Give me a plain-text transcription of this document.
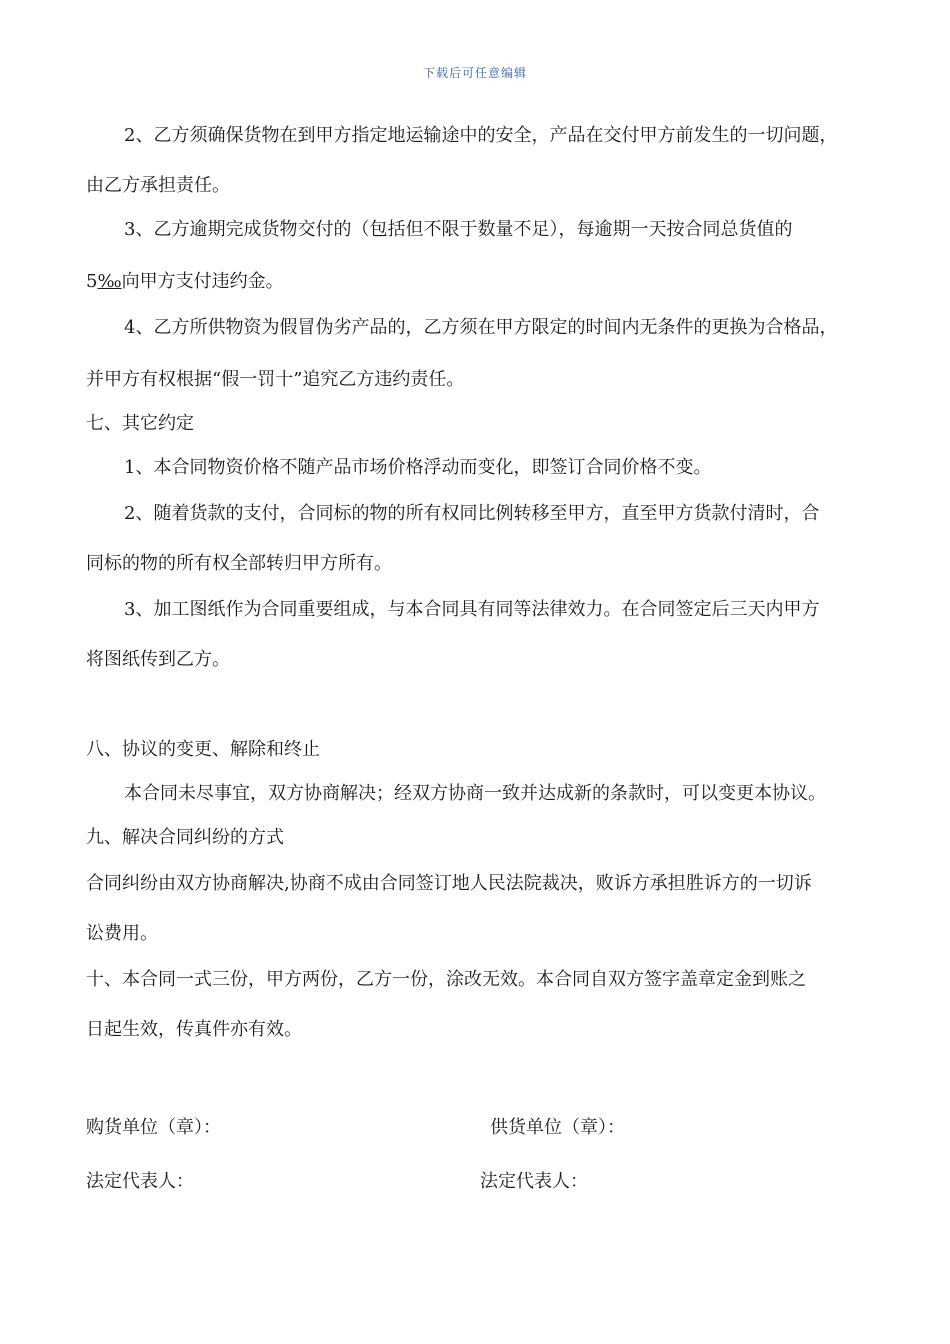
下载后可任意编辑
2、乙方须确保货物在到甲方指定地运输途中的安全，产品在交付甲方前发生的一切问题，
由乙方承担责任。
3、乙方逾期完成货物交付的（包括但不限于数量不足），每逾期一天按合同总货值的
5‰向甲方支付违约金。
4、乙方所供物资为假冒伪劣产品的，乙方须在甲方限定的时间内无条件的更换为合格品，
并甲方有权根据“假一罚十”追究乙方违约责任。
七、其它约定
1、本合同物资价格不随产品市场价格浮动而变化，即签订合同价格不变。
2、随着货款的支付，合同标的物的所有权同比例转移至甲方，直至甲方货款付清时，合
同标的物的所有权全部转归甲方所有。
3、加工图纸作为合同重要组成，与本合同具有同等法律效力。在合同签定后三天内甲方
将图纸传到乙方。
八、协议的变更、解除和终止
本合同未尽事宜，双方协商解决；经双方协商一致并达成新的条款时，可以变更本协议。
九、解决合同纠纷的方式
合同纠纷由双方协商解决,协商不成由合同签订地人民法院裁决，败诉方承担胜诉方的一切诉
讼费用。
十、本合同一式三份，甲方两份，乙方一份，涂改无效。本合同自双方签字盖章定金到账之
日起生效，传真件亦有效。
购货单位（章）：	供货单位（章）：
法定代表人：	法定代表人：
